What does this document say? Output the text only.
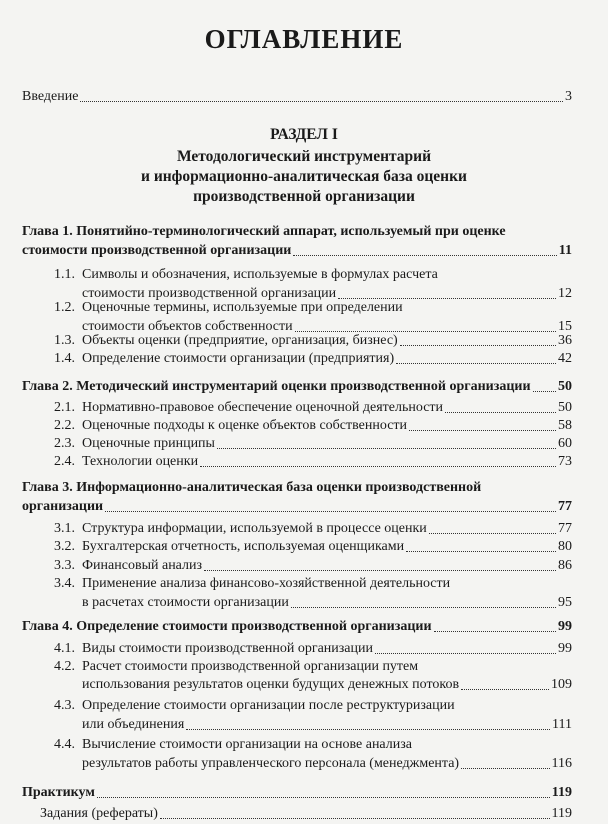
ОГЛАВЛЕНИЕ
Введение	3
РАЗДЕЛ I
Методологический инструментарий
и информационно-аналитическая база оценки
производственной организации
Глава 1. Понятийно-терминологический аппарат, используемый при оценке
стоимости производственной организации	11
1.1. Символы и обозначения, используемые в формулах расчета
стоимости производственной организации	12
1.2. Оценочные термины, используемые при определении
стоимости объектов собственности	15
1.3. Объекты оценки (предприятие, организация, бизнес)	36
1.4. Определение стоимости организации (предприятия)	42
Глава 2. Методический инструментарий оценки производственной организации 50
2.1. Нормативно-правовое обеспечение оценочной деятельности	50
2.2. Оценочные подходы к оценке объектов собственности	58
2.3. Оценочные принципы	60
2.4. Технологии оценки	73
Глава 3. Информационно-аналитическая база оценки производственной
организации	77
3.1. Структура информации, используемой в процессе оценки	77
3.2. Бухгалтерская отчетность, используемая оценщиками	80
3.3. Финансовый анализ	86
3.4. Применение анализа финансово-хозяйственной деятельности
в расчетах стоимости организации	95
Глава 4. Определение стоимости производственной организации	99
4.1. Виды стоимости производственной организации	99
4.2. Расчет стоимости производственной организации путем
использования результатов оценки будущих денежных потоков	109
4.3. Определение стоимости организации после реструктуризации
или объединения	111
4.4. Вычисление стоимости организации на основе анализа
результатов работы управленческого персонала (менеджмента)	116
Практикум	119
Задания (рефераты)	119
